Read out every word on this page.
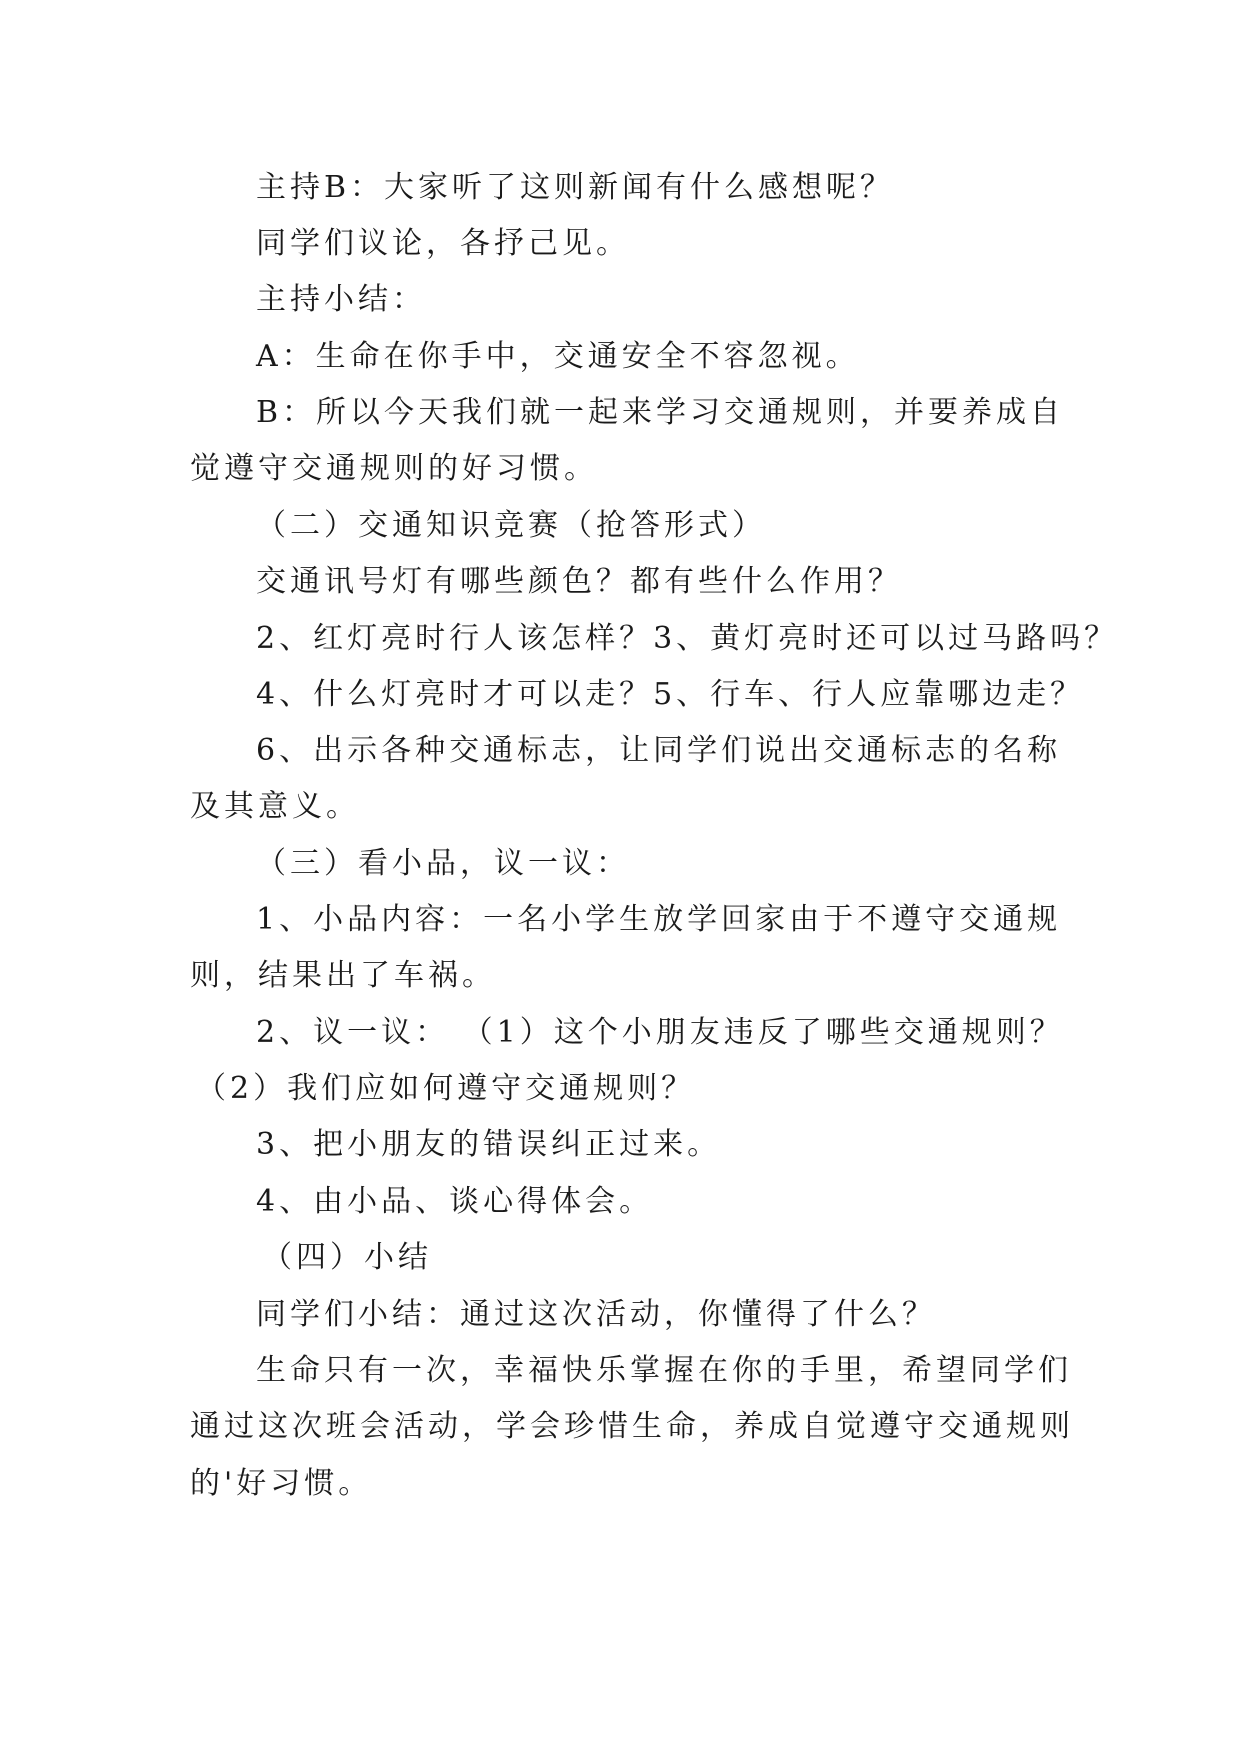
主持B：大家听了这则新闻有什么感想呢？
同学们议论，各抒己见。
主持小结：
A：生命在你手中，交通安全不容忽视。
B：所以今天我们就一起来学习交通规则，并要养成自
觉遵守交通规则的好习惯。
（二）交通知识竞赛（抢答形式）
交通讯号灯有哪些颜色？都有些什么作用？
2、红灯亮时行人该怎样？3、黄灯亮时还可以过马路吗？
4、什么灯亮时才可以走？5、行车、行人应靠哪边走？
6、出示各种交通标志，让同学们说出交通标志的名称
及其意义。
（三）看小品，议一议：
1、小品内容：一名小学生放学回家由于不遵守交通规
则，结果出了车祸。
2、议一议： （1）这个小朋友违反了哪些交通规则？
（2）我们应如何遵守交通规则？
3、把小朋友的错误纠正过来。
4、由小品、谈心得体会。
（四）小结
同学们小结：通过这次活动，你懂得了什么？
生命只有一次，幸福快乐掌握在你的手里，希望同学们
通过这次班会活动，学会珍惜生命，养成自觉遵守交通规则
的'好习惯。
